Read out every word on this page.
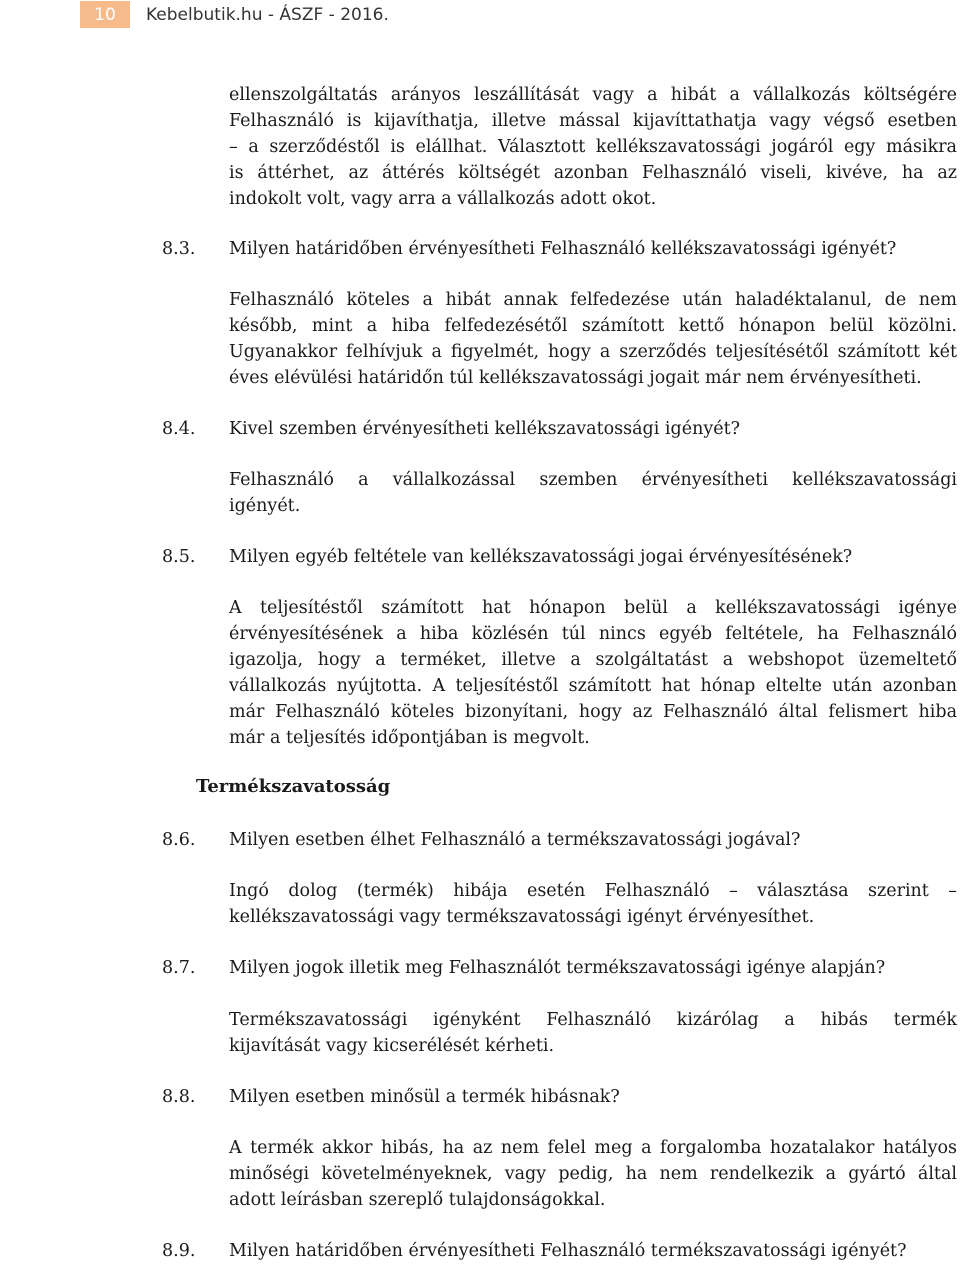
10	Kebelbutik.hu - ÁSZF - 2016.
ellenszolgáltatás arányos leszállítását vagy a hibát a vállalkozás költségére
Felhasználó is kijavíthatja, illetve mással kijavíttathatja vagy végső esetben
– a szerződéstől is elállhat. Választott kellékszavatossági jogáról egy másikra
is áttérhet, az áttérés költségét azonban Felhasználó viseli, kivéve, ha az
indokolt volt, vagy arra a vállalkozás adott okot.
8.3. Milyen határidőben érvényesítheti Felhasználó kellékszavatossági igényét?
Felhasználó köteles a hibát annak felfedezése után haladéktalanul, de nem
később, mint a hiba felfedezésétől számított kettő hónapon belül közölni.
Ugyanakkor felhívjuk a figyelmét, hogy a szerződés teljesítésétől számított két
éves elévülési határidőn túl kellékszavatossági jogait már nem érvényesítheti.
8.4. Kivel szemben érvényesítheti kellékszavatossági igényét?
Felhasználó a vállalkozással szemben érvényesítheti kellékszavatossági
igényét.
8.5. Milyen egyéb feltétele van kellékszavatossági jogai érvényesítésének?
A teljesítéstől számított hat hónapon belül a kellékszavatossági igénye
érvényesítésének a hiba közlésén túl nincs egyéb feltétele, ha Felhasználó
igazolja, hogy a terméket, illetve a szolgáltatást a webshopot üzemeltető
vállalkozás nyújtotta. A teljesítéstől számított hat hónap eltelte után azonban
már Felhasználó köteles bizonyítani, hogy az Felhasználó által felismert hiba
már a teljesítés időpontjában is megvolt.
Termékszavatosság
8.6. Milyen esetben élhet Felhasználó a termékszavatossági jogával?
Ingó dolog (termék) hibája esetén Felhasználó – választása szerint –
kellékszavatossági vagy termékszavatossági igényt érvényesíthet.
8.7. Milyen jogok illetik meg Felhasználót termékszavatossági igénye alapján?
Termékszavatossági igényként Felhasználó kizárólag a hibás termék
kijavítását vagy kicserélését kérheti.
8.8. Milyen esetben minősül a termék hibásnak?
A termék akkor hibás, ha az nem felel meg a forgalomba hozatalakor hatályos
minőségi követelményeknek, vagy pedig, ha nem rendelkezik a gyártó által
adott leírásban szereplő tulajdonságokkal.
8.9. Milyen határidőben érvényesítheti Felhasználó termékszavatossági igényét?
